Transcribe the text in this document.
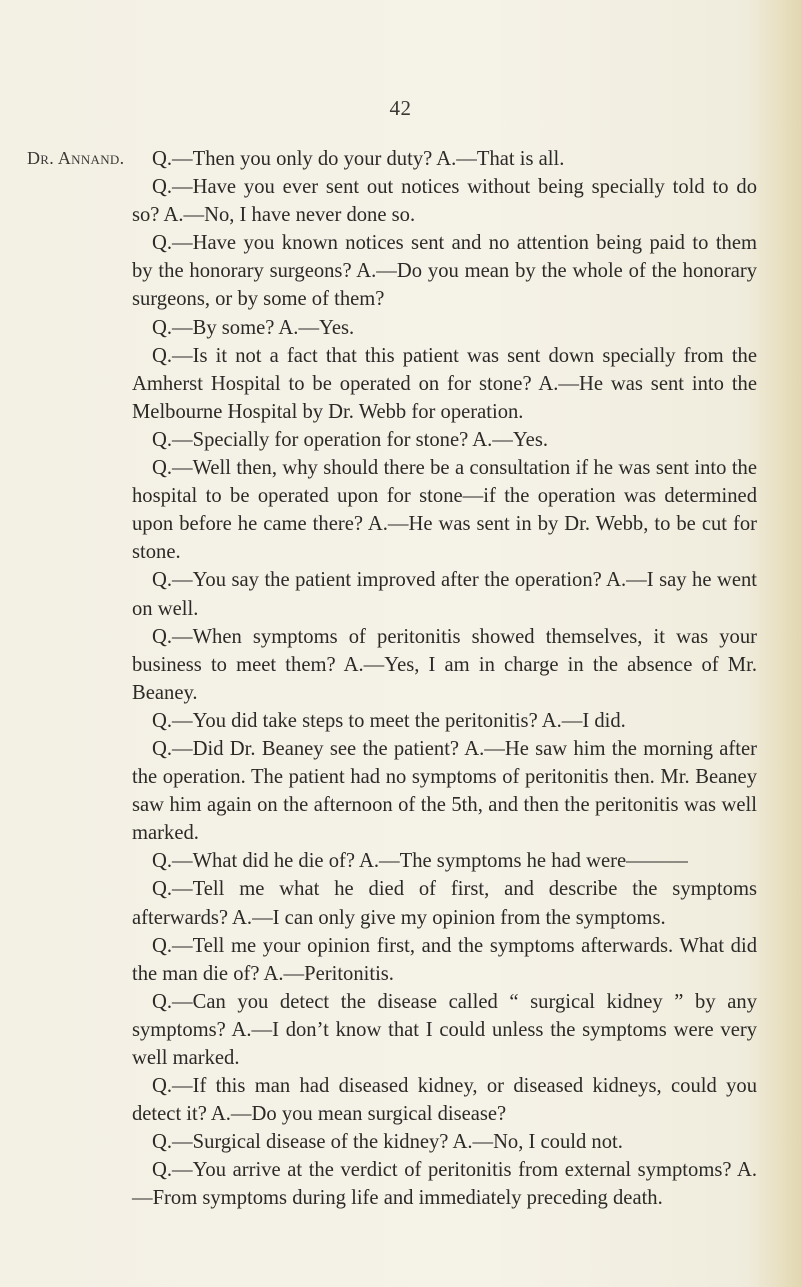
42
Dr. Annand.	Q.—Then you only do your duty? A.—That is all.

Q.—Have you ever sent out notices without being specially told to do so? A.—No, I have never done so.

Q.—Have you known notices sent and no attention being paid to them by the honorary surgeons? A.—Do you mean by the whole of the honorary surgeons, or by some of them?

Q.—By some? A.—Yes.

Q.—Is it not a fact that this patient was sent down specially from the Amherst Hospital to be operated on for stone? A.—He was sent into the Melbourne Hospital by Dr. Webb for operation.

Q.—Specially for operation for stone? A.—Yes.

Q.—Well then, why should there be a consultation if he was sent into the hospital to be operated upon for stone—if the operation was determined upon before he came there? A.—He was sent in by Dr. Webb, to be cut for stone.

Q.—You say the patient improved after the operation? A.—I say he went on well.

Q.—When symptoms of peritonitis showed themselves, it was your business to meet them? A.—Yes, I am in charge in the absence of Mr. Beaney.

Q.—You did take steps to meet the peritonitis? A.—I did.

Q.—Did Dr. Beaney see the patient? A.—He saw him the morning after the operation. The patient had no symptoms of peritonitis then. Mr. Beaney saw him again on the afternoon of the 5th, and then the peritonitis was well marked.

Q.—What did he die of? A.—The symptoms he had were———

Q.—Tell me what he died of first, and describe the symptoms afterwards? A.—I can only give my opinion from the symptoms.

Q.—Tell me your opinion first, and the symptoms afterwards. What did the man die of? A.—Peritonitis.

Q.—Can you detect the disease called “ surgical kidney ” by any symptoms? A.—I don’t know that I could unless the symptoms were very well marked.

Q.—If this man had diseased kidney, or diseased kidneys, could you detect it? A.—Do you mean surgical disease?

Q.—Surgical disease of the kidney? A.—No, I could not.

Q.—You arrive at the verdict of peritonitis from external symptoms? A.—From symptoms during life and immediately preceding death.
